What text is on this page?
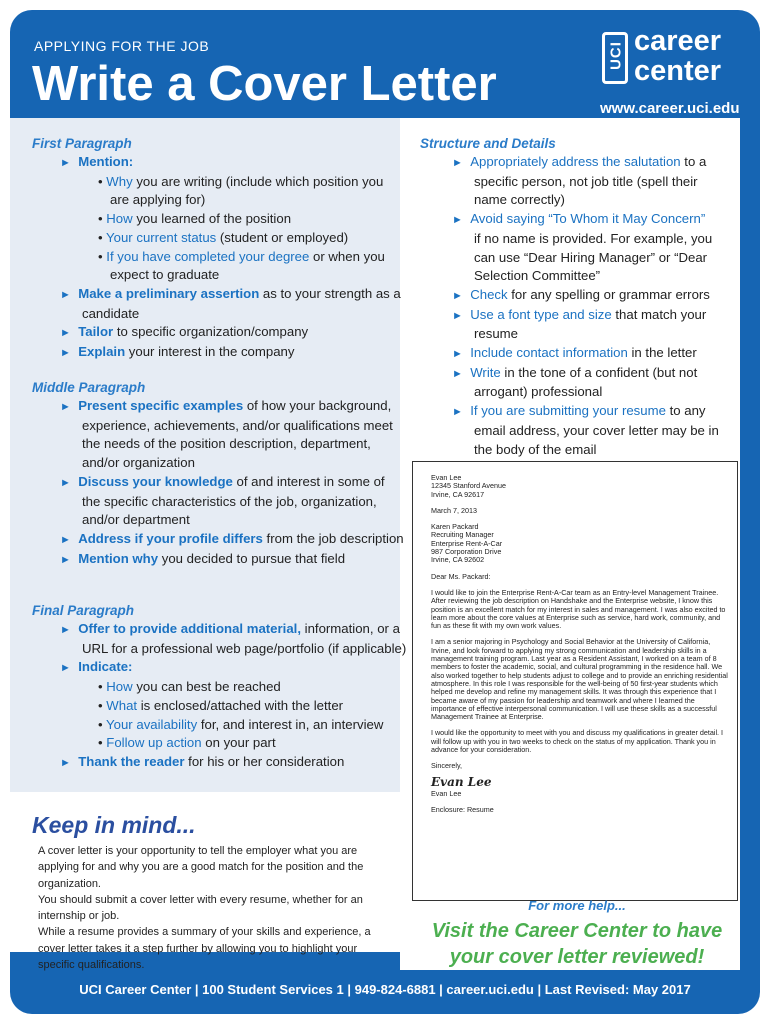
APPLYING FOR THE JOB
Write a Cover Letter
UCI career
center
www.career.uci.edu
First Paragraph

► Mention:

• Why you are writing (include which position you are applying for)

• How you learned of the position

• Your current status (student or employed)

• If you have completed your degree or when you expect to graduate

► Make a preliminary assertion as to your strength as a candidate

► Tailor to specific organization/company

► Explain your interest in the company

Middle Paragraph

► Present specific examples of how your background, experience, achievements, and/or qualifications meet the needs of the position description, department, and/or organization

► Discuss your knowledge of and interest in some of the specific characteristics of the job, organization, and/or department

► Address if your profile differs from the job description

► Mention why you decided to pursue that field

Final Paragraph

► Offer to provide additional material, information, or a URL for a professional web page/portfolio (if applicable)

► Indicate:

• How you can best be reached

• What is enclosed/attached with the letter

• Your availability for, and interest in, an interview

• Follow up action on your part

► Thank the reader for his or her consideration

Structure and Details

► Appropriately address the salutation to a specific person, not job title (spell their name correctly)

► Avoid saying “To Whom it May Concern”

if no name is provided. For example, you can use “Dear Hiring Manager” or “Dear Selection Committee”

► Check for any spelling or grammar errors

► Use a font type and size that match your resume

► Include contact information in the letter

► Write in the tone of a confident (but not arrogant) professional

► If you are submitting your resume to any email address, your cover letter may be in the body of the email

Evan Lee
12345 Stanford Avenue
Irvine, CA 92617
March 7, 2013
Karen Packard
Recruiting Manager
Enterprise Rent-A-Car
987 Corporation Drive
Irvine, CA 92602
Dear Ms. Packard:
I would like to join the Enterprise Rent-A-Car team as an Entry-level Management Trainee. After reviewing the job description on Handshake and the Enterprise website, I know this position is an excellent match for my interest in sales and management. I was also excited to learn more about the core values at Enterprise such as service, hard work, community, and fun as these fit with my own work values.
I am a senior majoring in Psychology and Social Behavior at the University of California, Irvine, and look forward to applying my strong communication and leadership skills in a management training program. Last year as a Resident Assistant, I worked on a team of 8 members to foster the academic, social, and cultural programming in the residence hall. We also worked together to help students adjust to college and to provide an enriching residential atmosphere. In this role I was responsible for the well-being of 50 first-year students which helped me develop and refine my management skills. It was through this experience that I became aware of my passion for leadership and teamwork and where I learned the importance of effective interpersonal communication. I will use these skills as a successful Management Trainee at Enterprise.
I would like the opportunity to meet with you and discuss my qualifications in greater detail. I will follow up with you in two weeks to check on the status of my application. Thank you in advance for your consideration.
Sincerely,
Evan Lee
Evan Lee
Enclosure: Resume
Keep in mind...

A cover letter is your opportunity to tell the employer what you are applying for and why you are a good match for the position and the organization.

You should submit a cover letter with every resume, whether for an internship or job.

While a resume provides a summary of your skills and experience, a cover letter takes it a step further by allowing you to highlight your specific qualifications.

For more help...
Visit the Career Center to have your cover letter reviewed!
UCI Career Center | 100 Student Services 1 | 949-824-6881 | career.uci.edu | Last Revised: May 2017
